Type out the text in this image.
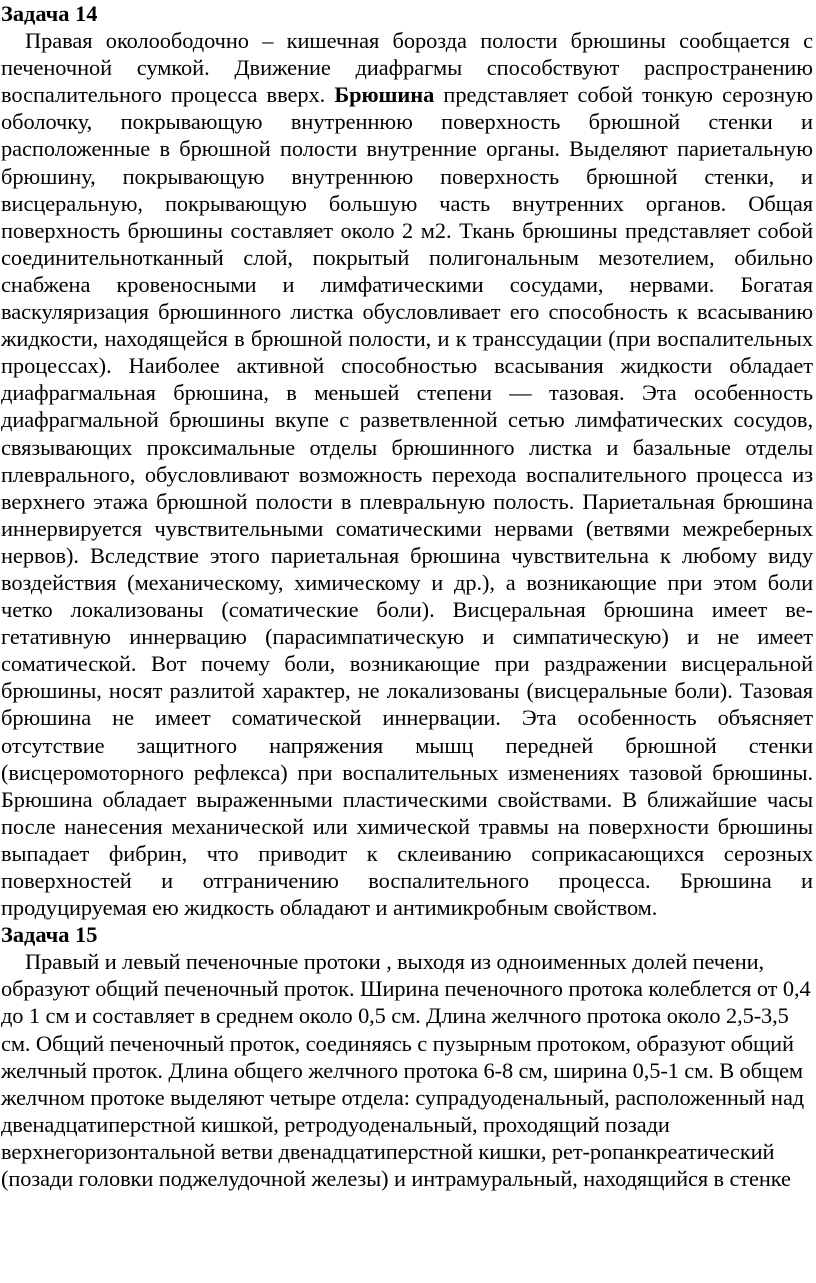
Задача 14

Правая околоободочно – кишечная борозда полости брюшины сообщается с печеночной сумкой. Движение диафрагмы способствуют распространению воспалительного процесса вверх. Брюшина представляет собой тонкую серозную оболочку, покрывающую внутреннюю поверхность брюшной стенки и расположенные в брюшной полости внутренние органы. Выделяют париетальную брюшину, покрывающую внутреннюю поверхность брюшной стенки, и висцеральную, покрывающую большую часть внутренних органов. Общая поверхность брюшины составляет около 2 м2. Ткань брюшины представляет собой соединительнотканный слой, покрытый полигональным мезотелием, обильно снабжена кровеносными и лимфатическими сосудами, нервами. Богатая васкуляризация брюшинного листка обусловливает его способность к всасыванию жидкости, находящейся в брюшной полости, и к транссудации (при воспалительных процессах). Наиболее активной способностью всасывания жидкости обладает диафрагмальная брюшина, в меньшей степени — тазовая. Эта особенность диафрагмальной брюшины вкупе с разветвленной сетью лимфатических сосудов, связывающих проксимальные отделы брюшинного листка и базальные отделы плеврального, обусловливают возможность перехода воспалительного процесса из верхнего этажа брюшной полости в плевральную полость. Париетальная брюшина иннервируется чувствительными соматическими нервами (ветвями межреберных нервов). Вследствие этого париетальная брюшина чувствительна к любому виду воздействия (механическому, химическому и др.), а возникающие при этом боли четко локализованы (соматические боли). Висцеральная брюшина имеет вегетативную иннервацию (парасимпатическую и симпатическую) и не имеет соматической. Вот почему боли, возникающие при раздражении висцеральной брюшины, носят разлитой характер, не локализованы (висцеральные боли). Тазовая брюшина не имеет соматической иннервации. Эта особенность объясняет отсутствие защитного напряжения мышц передней брюшной стенки (висцеромоторного рефлекса) при воспалительных изменениях тазовой брюшины. Брюшина обладает выраженными пластическими свойствами. В ближайшие часы после нанесения механической или химической травмы на поверхности брюшины выпадает фибрин, что приводит к склеиванию соприкасающихся серозных поверхностей и отграничению воспалительного процесса. Брюшина и продуцируемая ею жидкость обладают и антимикробным свойством.

Задача 15

Правый и левый печеночные протоки , выходя из одноименных долей печени, образуют общий печеночный проток. Ширина печеночного протока колеблется от 0,4 до 1 см и составляет в среднем около 0,5 см. Длина желчного протока около 2,5-3,5 см. Общий печеночный проток, соединяясь с пузырным протоком, образуют общий желчный проток. Длина общего желчного протока 6-8 см, ширина 0,5-1 см. В общем желчном протоке выделяют четыре отдела: супрадуоденальный, расположенный над двенадцатиперстной кишкой, ретродуоденальный, проходящий позади верхнегоризонтальной ветви двенадцатиперстной кишки, рет-ропанкреатический (позади головки поджелудочной железы) и интрамуральный, находящийся в стенке
